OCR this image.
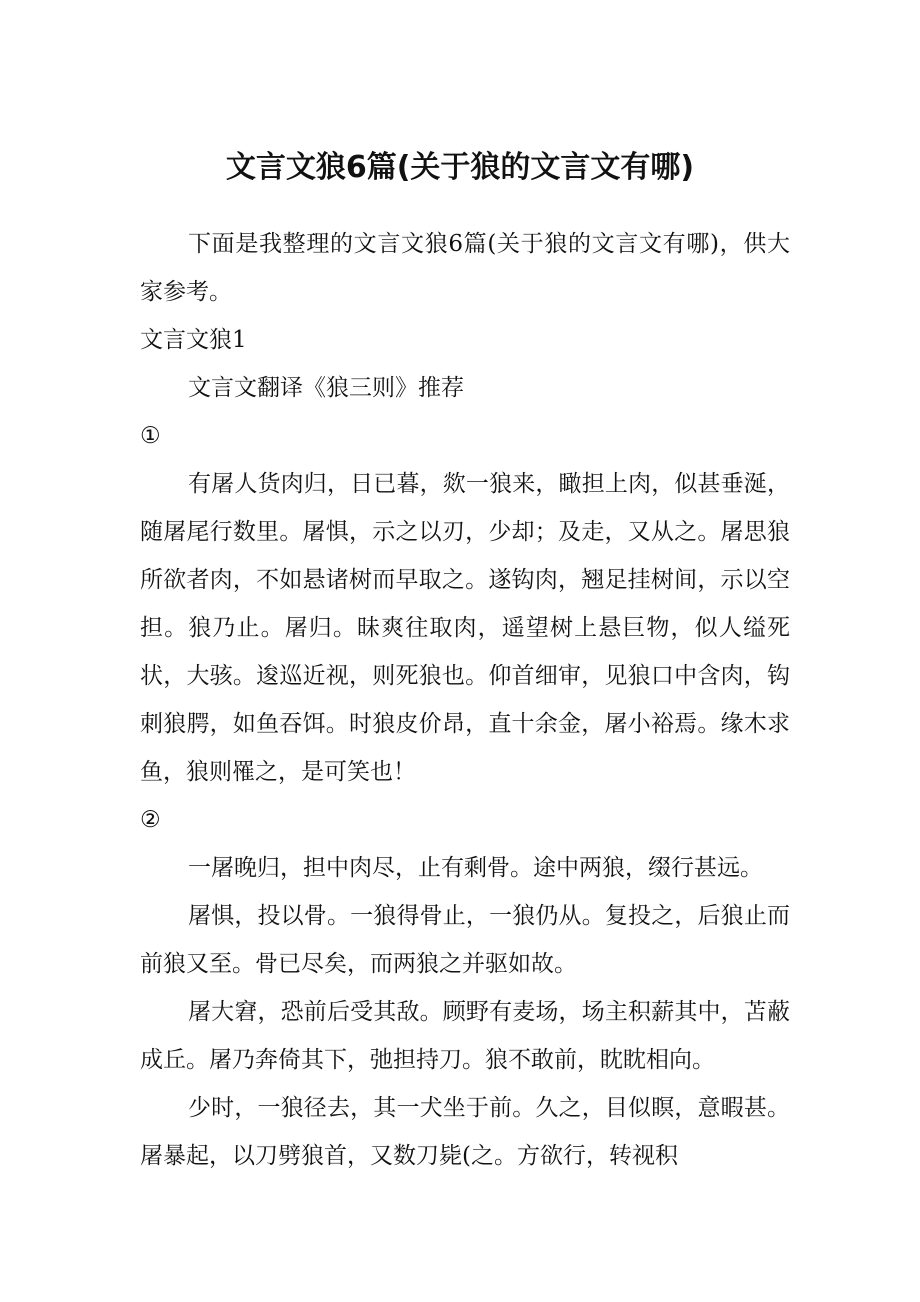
文言文狼6篇(关于狼的文言文有哪)

下面是我整理的文言文狼6篇(关于狼的文言文有哪)，供大家参考。

文言文狼1

文言文翻译《狼三则》推荐

①

有屠人货肉归，日已暮，欻一狼来，瞰担上肉，似甚垂涎，随屠尾行数里。屠惧，示之以刃，少却；及走，又从之。屠思狼所欲者肉，不如悬诸树而早取之。遂钩肉，翘足挂树间，示以空担。狼乃止。屠归。昧爽往取肉，遥望树上悬巨物，似人缢死状，大骇。逡巡近视，则死狼也。仰首细审，见狼口中含肉，钩刺狼腭，如鱼吞饵。时狼皮价昂，直十余金，屠小裕焉。缘木求鱼，狼则罹之，是可笑也！

②

一屠晚归，担中肉尽，止有剩骨。途中两狼，缀行甚远。

屠惧，投以骨。一狼得骨止，一狼仍从。复投之，后狼止而前狼又至。骨已尽矣，而两狼之并驱如故。

屠大窘，恐前后受其敌。顾野有麦场，场主积薪其中，苫蔽成丘。屠乃奔倚其下，弛担持刀。狼不敢前，眈眈相向。

少时，一狼径去，其一犬坐于前。久之，目似瞑，意暇甚。屠暴起，以刀劈狼首，又数刀毙(之。方欲行，转视积
